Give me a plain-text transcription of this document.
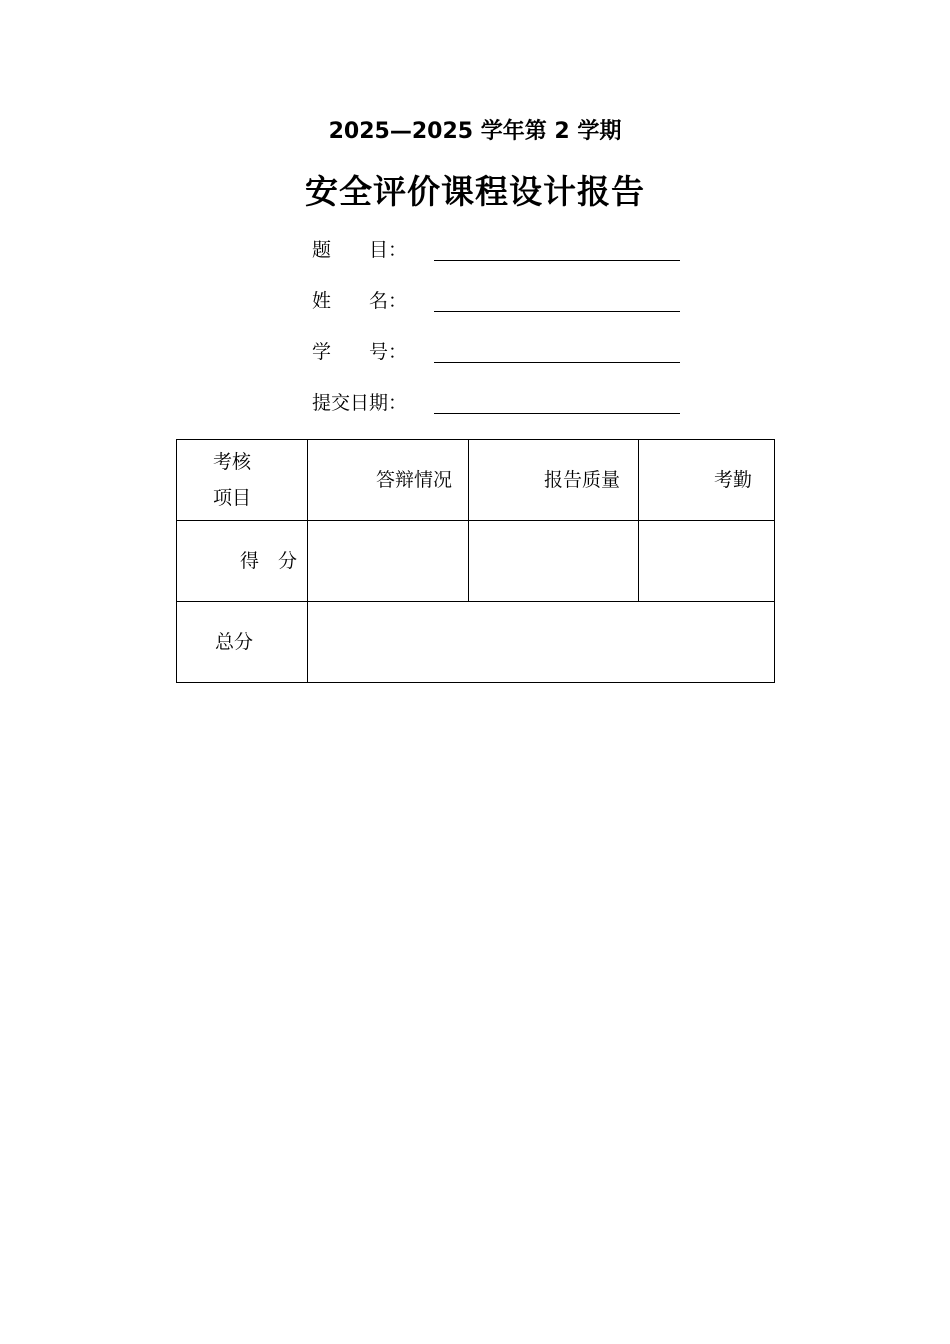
2025—2025 学年第 2 学期
安全评价课程设计报告
题　　目：
姓　　名：
学　　号：
提交日期：
考核
项目	答辩情况	报告质量	考勤
得　分			
总分			
